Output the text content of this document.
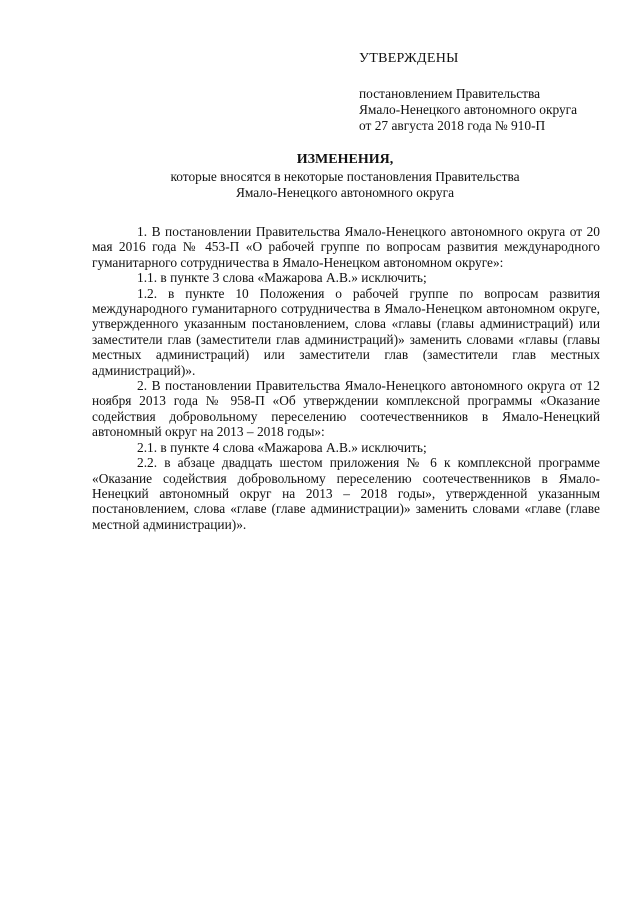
УТВЕРЖДЕНЫ

постановлением Правительства

Ямало-Ненецкого автономного округа

от 27 августа 2018 года № 910-П

ИЗМЕНЕНИЯ,

которые вносятся в некоторые постановления Правительства

Ямало-Ненецкого автономного округа

1. В постановлении Правительства Ямало-Ненецкого автономного округа от 20 мая 2016 года № 453-П «О рабочей группе по вопросам развития международного гуманитарного сотрудничества в Ямало-Ненецком автономном округе»:

1.1. в пункте 3 слова «Мажарова А.В.» исключить;

1.2. в пункте 10 Положения о рабочей группе по вопросам развития международного гуманитарного сотрудничества в Ямало-Ненецком автономном округе, утвержденного указанным постановлением, слова «главы (главы администраций) или заместители глав (заместители глав администраций)» заменить словами «главы (главы местных администраций) или заместители глав (заместители глав местных администраций)».

2. В постановлении Правительства Ямало-Ненецкого автономного округа от 12 ноября 2013 года № 958-П «Об утверждении комплексной программы «Оказание содействия добровольному переселению соотечественников в Ямало-Ненецкий автономный округ на 2013 – 2018 годы»:

2.1. в пункте 4 слова «Мажарова А.В.» исключить;

2.2. в абзаце двадцать шестом приложения № 6 к комплексной программе «Оказание содействия добровольному переселению соотечественников в Ямало-Ненецкий автономный округ на 2013 – 2018 годы», утвержденной указанным постановлением, слова «главе (главе администрации)» заменить словами «главе (главе местной администрации)».
